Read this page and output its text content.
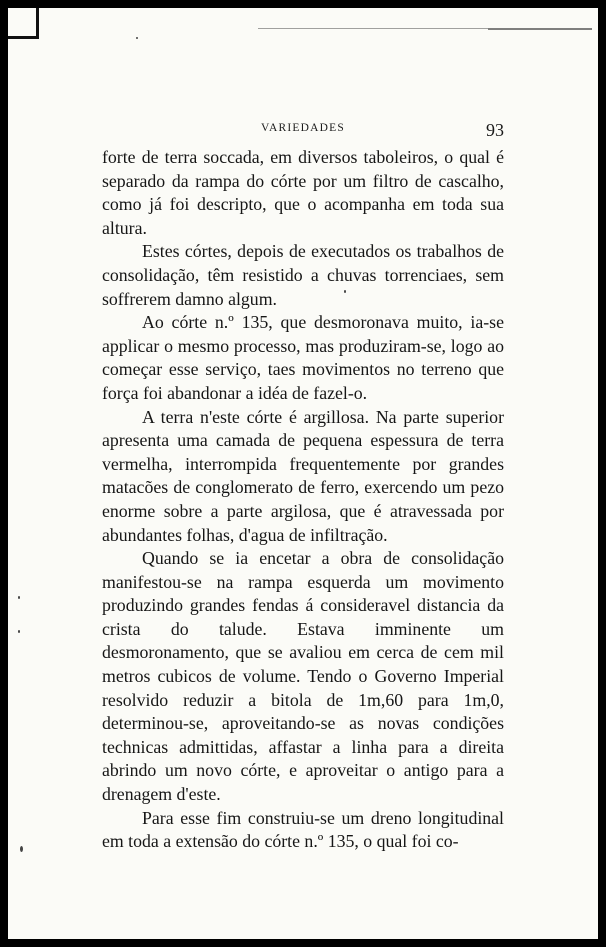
VARIEDADES	93

forte de terra soccada, em diversos taboleiros, o qual é separado da rampa do córte por um filtro de cascalho, como já foi descripto, que o acompanha em toda sua altura.

Estes córtes, depois de executados os trabalhos de consolidação, têm resistido a chuvas torrenciaes, sem soffrerem damno algum.

Ao córte n.º 135, que desmoronava muito, ia-se applicar o mesmo processo, mas produziram-se, logo ao começar esse serviço, taes movimentos no terreno que força foi abandonar a idéa de fazel-o.

A terra n'este córte é argillosa. Na parte superior apresenta uma camada de pequena espessura de terra vermelha, interrompida frequentemente por grandes matacões de conglomerato de ferro, exercendo um pezo enorme sobre a parte argilosa, que é atravessada por abundantes folhas, d'agua de infiltração.

Quando se ia encetar a obra de consolidação manifestou-se na rampa esquerda um movimento produzindo grandes fendas á consideravel distancia da crista do talude. Estava imminente um desmoronamento, que se avaliou em cerca de cem mil metros cubicos de volume. Tendo o Governo Imperial resolvido reduzir a bitola de 1m,60 para 1m,0, determinou-se, aproveitando-se as novas condições technicas admittidas, affastar a linha para a direita abrindo um novo córte, e aproveitar o antigo para a drenagem d'este.

Para esse fim construiu-se um dreno longitudinal em toda a extensão do córte n.º 135, o qual foi co-
